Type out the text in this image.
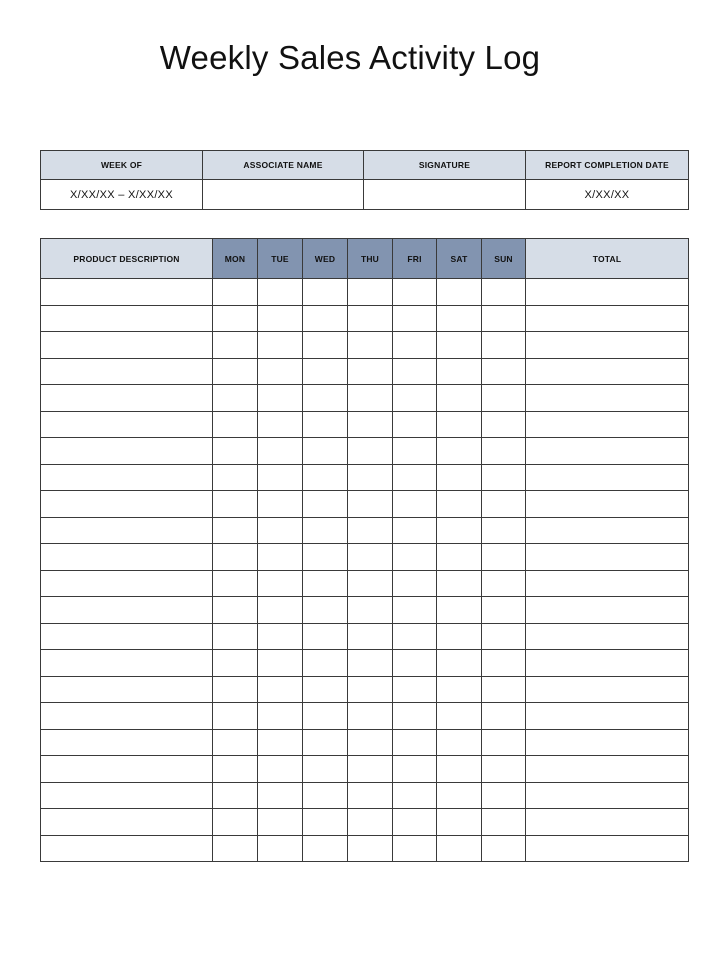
Weekly Sales Activity Log
WEEK OF	ASSOCIATE NAME	SIGNATURE	REPORT COMPLETION DATE
X/XX/XX – X/XX/XX			X/XX/XX
PRODUCT DESCRIPTION	MON	TUE	WED	THU	FRI	SAT	SUN	TOTAL
